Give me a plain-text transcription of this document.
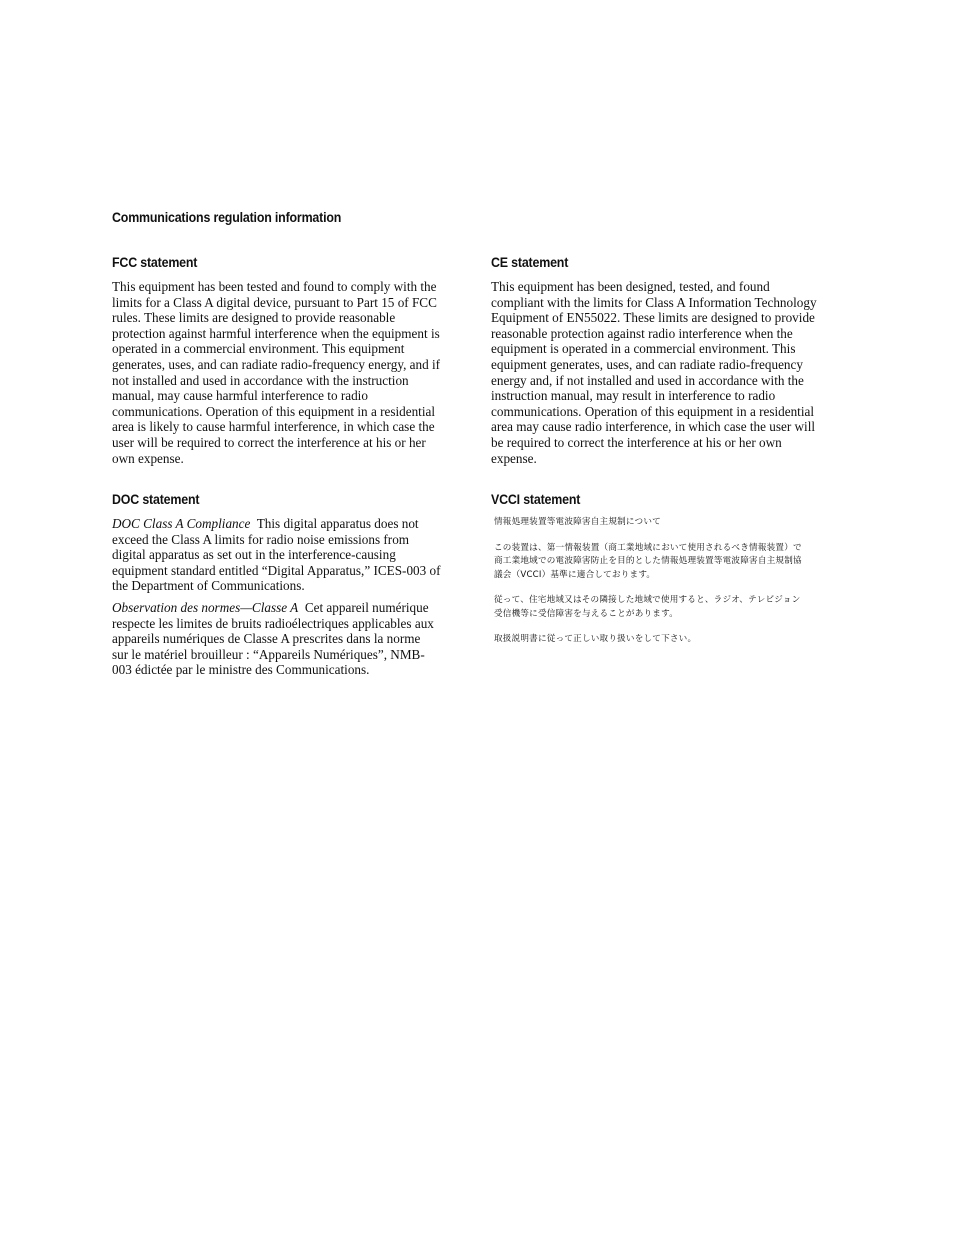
Communications regulation information
FCC statement

This equipment has been tested and found to comply with the
limits for a Class A digital device, pursuant to Part 15 of FCC
rules. These limits are designed to provide reasonable
protection against harmful interference when the equipment is
operated in a commercial environment. This equipment
generates, uses, and can radiate radio-frequency energy, and if
not installed and used in accordance with the instruction
manual, may cause harmful interference to radio
communications. Operation of this equipment in a residential
area is likely to cause harmful interference, in which case the
user will be required to correct the interference at his or her
own expense.

CE statement

This equipment has been designed, tested, and found
compliant with the limits for Class A Information Technology
Equipment of EN55022. These limits are designed to provide
reasonable protection against radio interference when the
equipment is operated in a commercial environment. This
equipment generates, uses, and can radiate radio-frequency
energy and, if not installed and used in accordance with the
instruction manual, may result in interference to radio
communications. Operation of this equipment in a residential
area may cause radio interference, in which case the user will
be required to correct the interference at his or her own
expense.

DOC statement

DOC Class A Compliance This digital apparatus does not
exceed the Class A limits for radio noise emissions from
digital apparatus as set out in the interference-causing
equipment standard entitled “Digital Apparatus,” ICES-003 of
the Department of Communications.

Observation des normes—Classe A Cet appareil numérique
respecte les limites de bruits radioélectriques applicables aux
appareils numériques de Classe A prescrites dans la norme
sur le matériel brouilleur : “Appareils Numériques”, NMB-
003 édictée par le ministre des Communications.

VCCI statement
情報処理装置等電波障害自主規制について
この装置は、第一情報装置（商工業地域において使用されるべき情報装置）で
商工業地域での電波障害防止を目的とした情報処理装置等電波障害自主規制協
議会（VCCI）基準に適合しております。
従って、住宅地域又はその隣接した地域で使用すると、ラジオ、テレビジョン
受信機等に受信障害を与えることがあります。
取扱説明書に従って正しい取り扱いをして下さい。
